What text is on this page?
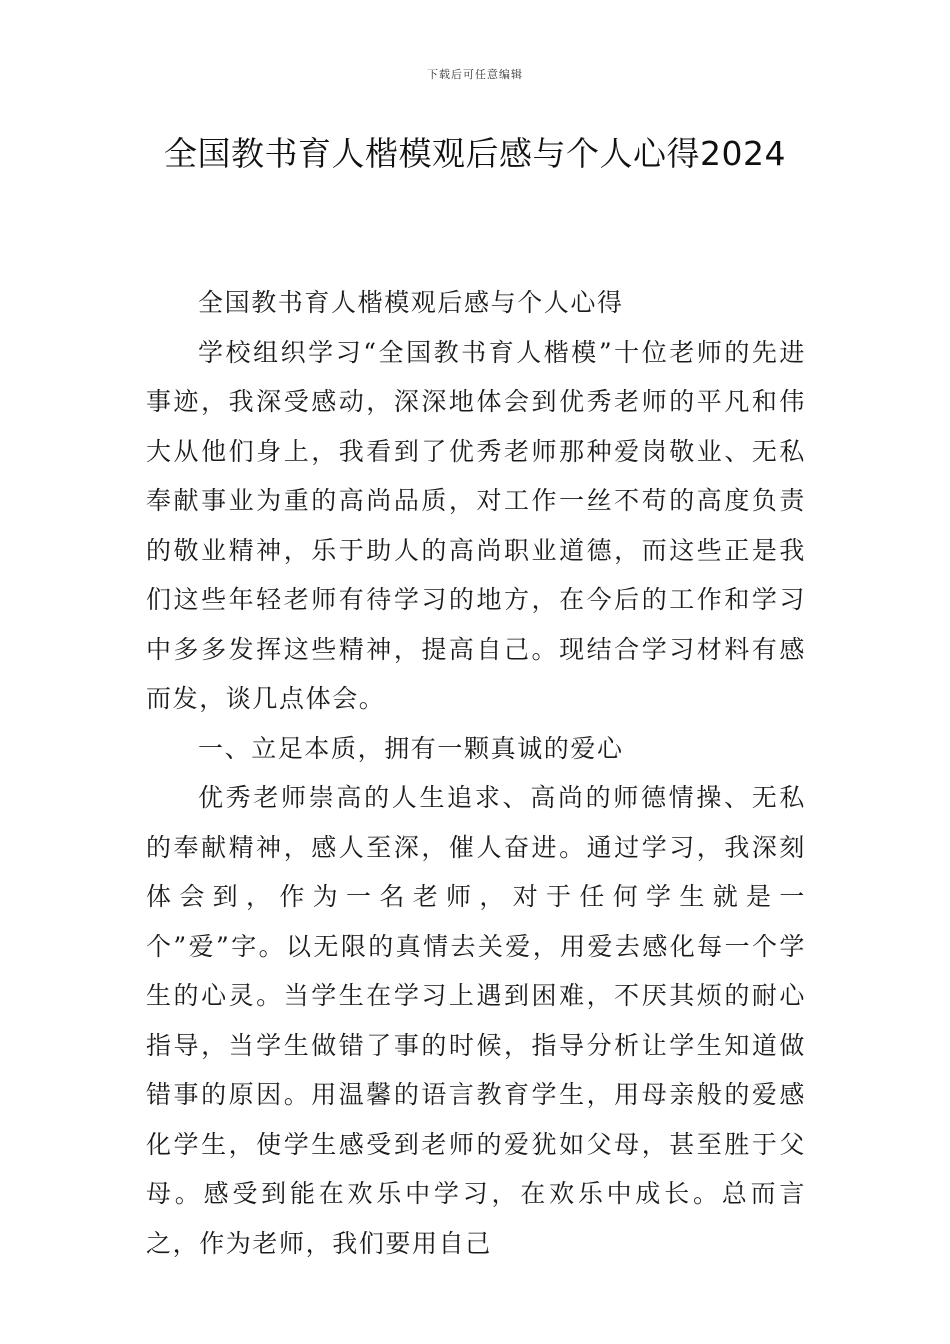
下载后可任意编辑
全国教书育人楷模观后感与个人心得2024

全国教书育人楷模观后感与个人心得

学校组织学习“全国教书育人楷模”十位老师的先进事迹，我深受感动，深深地体会到优秀老师的平凡和伟大从他们身上，我看到了优秀老师那种爱岗敬业、无私奉献事业为重的高尚品质，对工作一丝不苟的高度负责的敬业精神，乐于助人的高尚职业道德，而这些正是我们这些年轻老师有待学习的地方，在今后的工作和学习中多多发挥这些精神，提高自己。现结合学习材料有感而发，谈几点体会。

一、立足本质，拥有一颗真诚的爱心

优秀老师崇高的人生追求、高尚的师德情操、无私的奉献精神，感人至深，催人奋进。通过学习，我深刻体会到，作为一名老师，对于任何学生就是一个”爱”字。以无限的真情去关爱，用爱去感化每一个学生的心灵。当学生在学习上遇到困难，不厌其烦的耐心指导，当学生做错了事的时候，指导分析让学生知道做错事的原因。用温馨的语言教育学生，用母亲般的爱感化学生，使学生感受到老师的爱犹如父母，甚至胜于父母。感受到能在欢乐中学习，在欢乐中成长。总而言之，作为老师，我们要用自己
